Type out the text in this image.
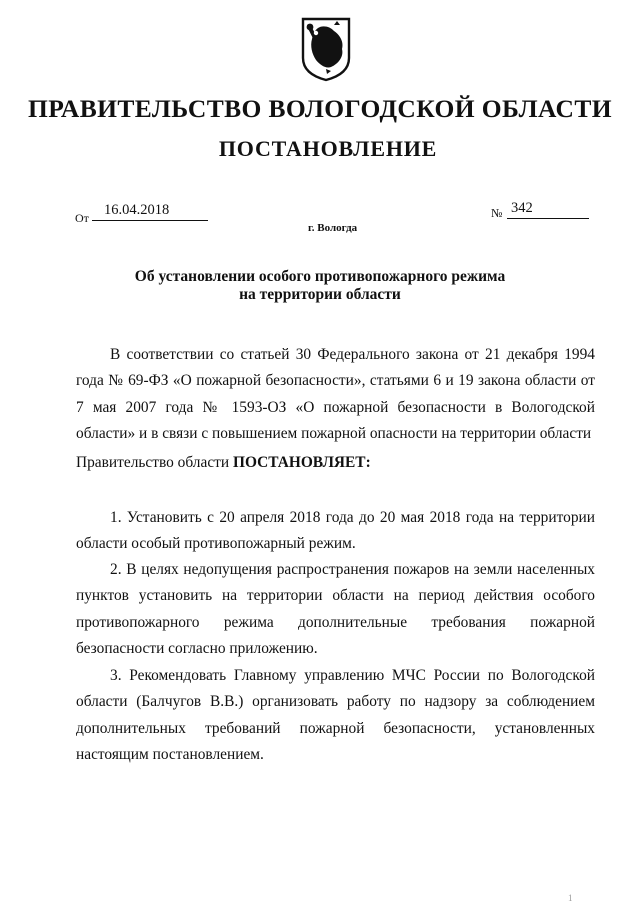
ПРАВИТЕЛЬСТВО ВОЛОГОДСКОЙ ОБЛАСТИ
ПОСТАНОВЛЕНИЕ
От	16.04.2018	№ 342
г. Вологда
Об установлении особого противопожарного режима
на территории области
В соответствии со статьей 30 Федерального закона от 21 декабря 1994 года № 69-ФЗ «О пожарной безопасности», статьями 6 и 19 закона области от 7 мая 2007 года № 1593-ОЗ «О пожарной безопасности в Вологодской области» и в связи с повышением пожарной опасности на территории области
Правительство области ПОСТАНОВЛЯЕТ:
1. Установить с 20 апреля 2018 года до 20 мая 2018 года на территории области особый противопожарный режим.
2. В целях недопущения распространения пожаров на земли населенных пунктов установить на территории области на период действия особого противопожарного режима дополнительные требования пожарной безопасности согласно приложению.
3. Рекомендовать Главному управлению МЧС России по Вологодской области (Балчугов В.В.) организовать работу по надзору за соблюдением дополнительных требований пожарной безопасности, установленных настоящим постановлением.
1
